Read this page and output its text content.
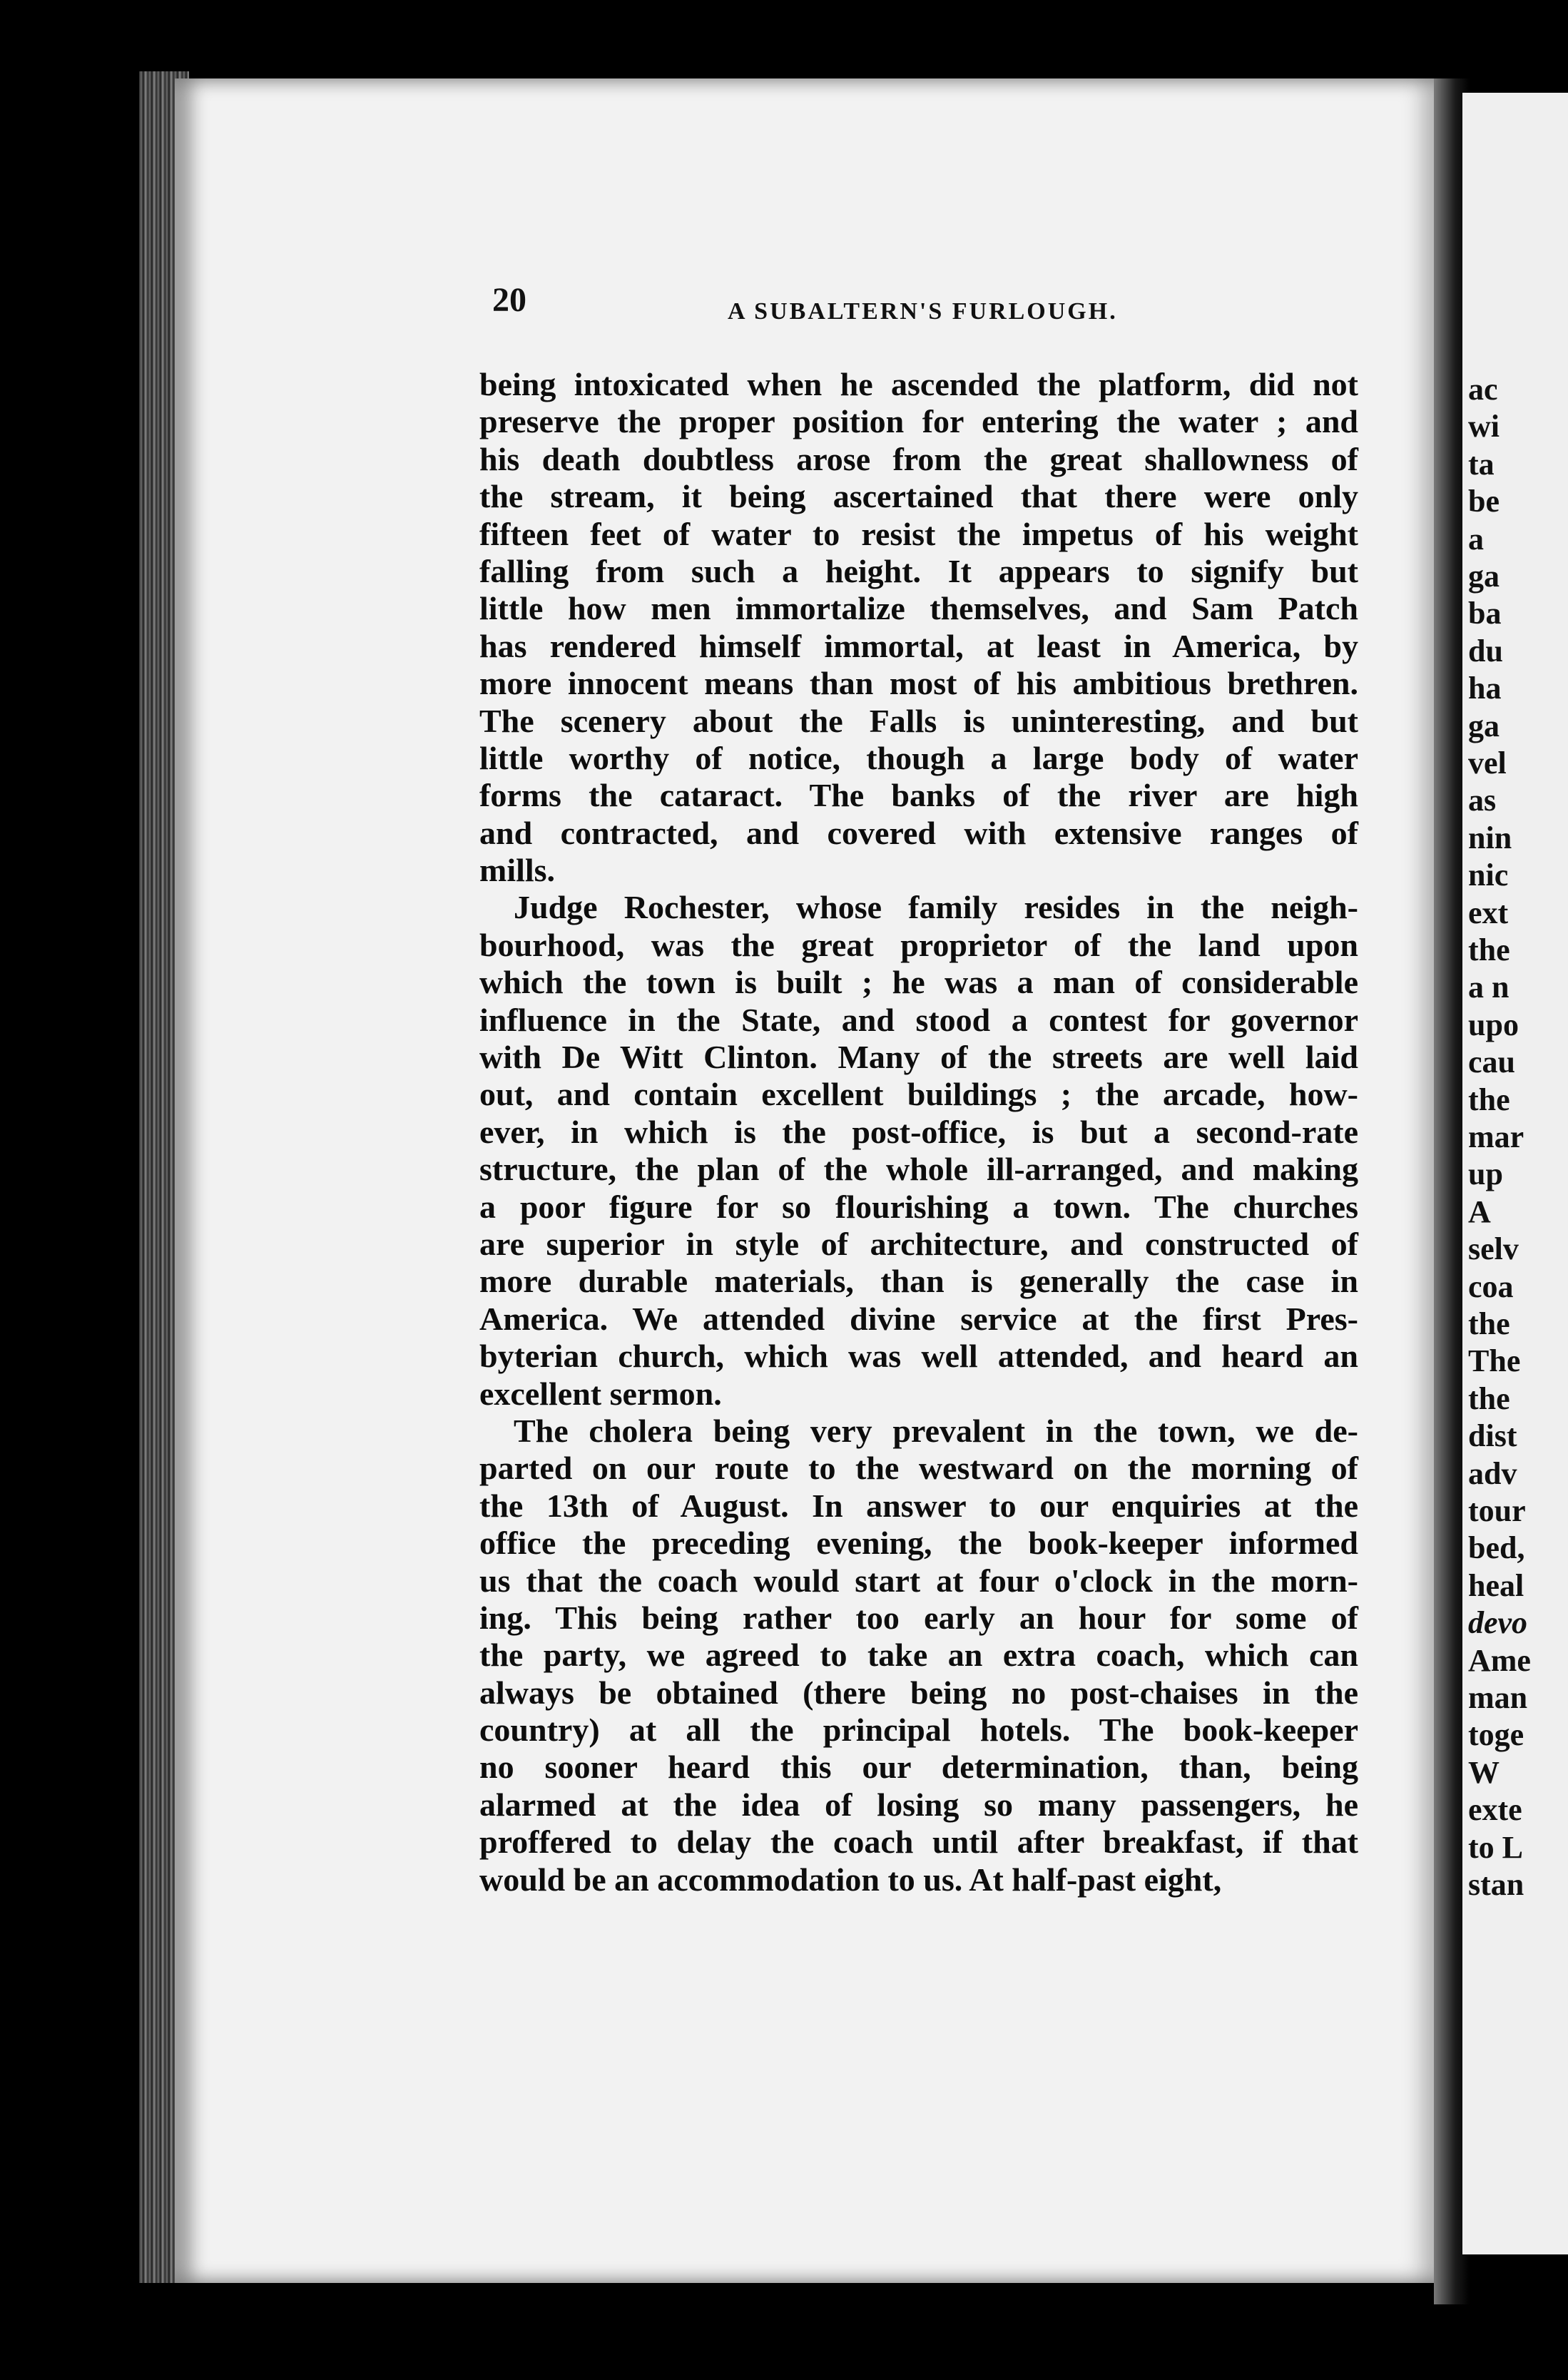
ac
wi
ta
be
a
ga
ba
du
ha
ga
vel
as
nin
nic
ext
the
a n
upo
cau
the
mar
up
A
selv
coa
the
The
the
dist
adv
tour
bed,
heal
devo
Ame
man
toge
W
exte
to L
stan
20	A SUBALTERN'S FURLOUGH.
being intoxicated when he ascended the platform, did not
preserve the proper position for entering the water ; and
his death doubtless arose from the great shallowness of
the stream, it being ascertained that there were only
fifteen feet of water to resist the impetus of his weight
falling from such a height. It appears to signify but
little how men immortalize themselves, and Sam Patch
has rendered himself immortal, at least in America, by
more innocent means than most of his ambitious brethren.
The scenery about the Falls is uninteresting, and but
little worthy of notice, though a large body of water
forms the cataract. The banks of the river are high
and contracted, and covered with extensive ranges of
mills.
Judge Rochester, whose family resides in the neigh-
bourhood, was the great proprietor of the land upon
which the town is built ; he was a man of considerable
influence in the State, and stood a contest for governor
with De Witt Clinton. Many of the streets are well laid
out, and contain excellent buildings ; the arcade, how-
ever, in which is the post-office, is but a second-rate
structure, the plan of the whole ill-arranged, and making
a poor figure for so flourishing a town. The churches
are superior in style of architecture, and constructed of
more durable materials, than is generally the case in
America. We attended divine service at the first Pres-
byterian church, which was well attended, and heard an
excellent sermon.
The cholera being very prevalent in the town, we de-
parted on our route to the westward on the morning of
the 13th of August. In answer to our enquiries at the
office the preceding evening, the book-keeper informed
us that the coach would start at four o'clock in the morn-
ing. This being rather too early an hour for some of
the party, we agreed to take an extra coach, which can
always be obtained (there being no post-chaises in the
country) at all the principal hotels. The book-keeper
no sooner heard this our determination, than, being
alarmed at the idea of losing so many passengers, he
proffered to delay the coach until after breakfast, if that
would be an accommodation to us. At half-past eight,
